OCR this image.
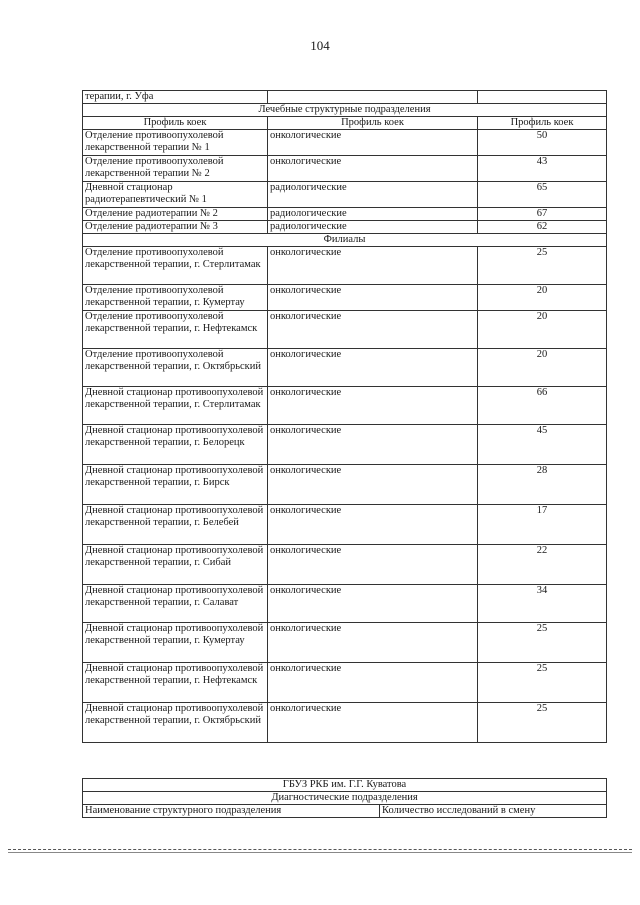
104
терапии, г. Уфа		
Лечебные структурные подразделения		
Профиль коек	Профиль коек	Профиль коек
Отделение противоопухолевой лекарственной терапии № 1	онкологические	50
Отделение противоопухолевой лекарственной терапии № 2	онкологические	43
Дневной стационар радиотерапевтический № 1	радиологические	65
Отделение радиотерапии № 2	радиологические	67
Отделение радиотерапии № 3	радиологические	62
Филиалы		
Отделение противоопухолевой лекарственной терапии, г. Стерлитамак	онкологические	25
Отделение противоопухолевой лекарственной терапии, г. Кумертау	онкологические	20
Отделение противоопухолевой лекарственной терапии, г. Нефтекамск	онкологические	20
Отделение противоопухолевой лекарственной терапии, г. Октябрьский	онкологические	20
Дневной стационар противоопухолевой лекарственной терапии, г. Стерлитамак	онкологические	66
Дневной стационар противоопухолевой лекарственной терапии, г. Белорецк	онкологические	45
Дневной стационар противоопухолевой лекарственной терапии, г. Бирск	онкологические	28
Дневной стационар противоопухолевой лекарственной терапии, г. Белебей	онкологические	17
Дневной стационар противоопухолевой лекарственной терапии, г. Сибай	онкологические	22
Дневной стационар противоопухолевой лекарственной терапии, г. Салават	онкологические	34
Дневной стационар противоопухолевой лекарственной терапии, г. Кумертау	онкологические	25
Дневной стационар противоопухолевой лекарственной терапии, г. Нефтекамск	онкологические	25
Дневной стационар противоопухолевой лекарственной терапии, г. Октябрьский	онкологические	25
ГБУЗ РКБ им. Г.Г. Куватова
Диагностические подразделения
Наименование структурного подразделения	Количество исследований в смену
